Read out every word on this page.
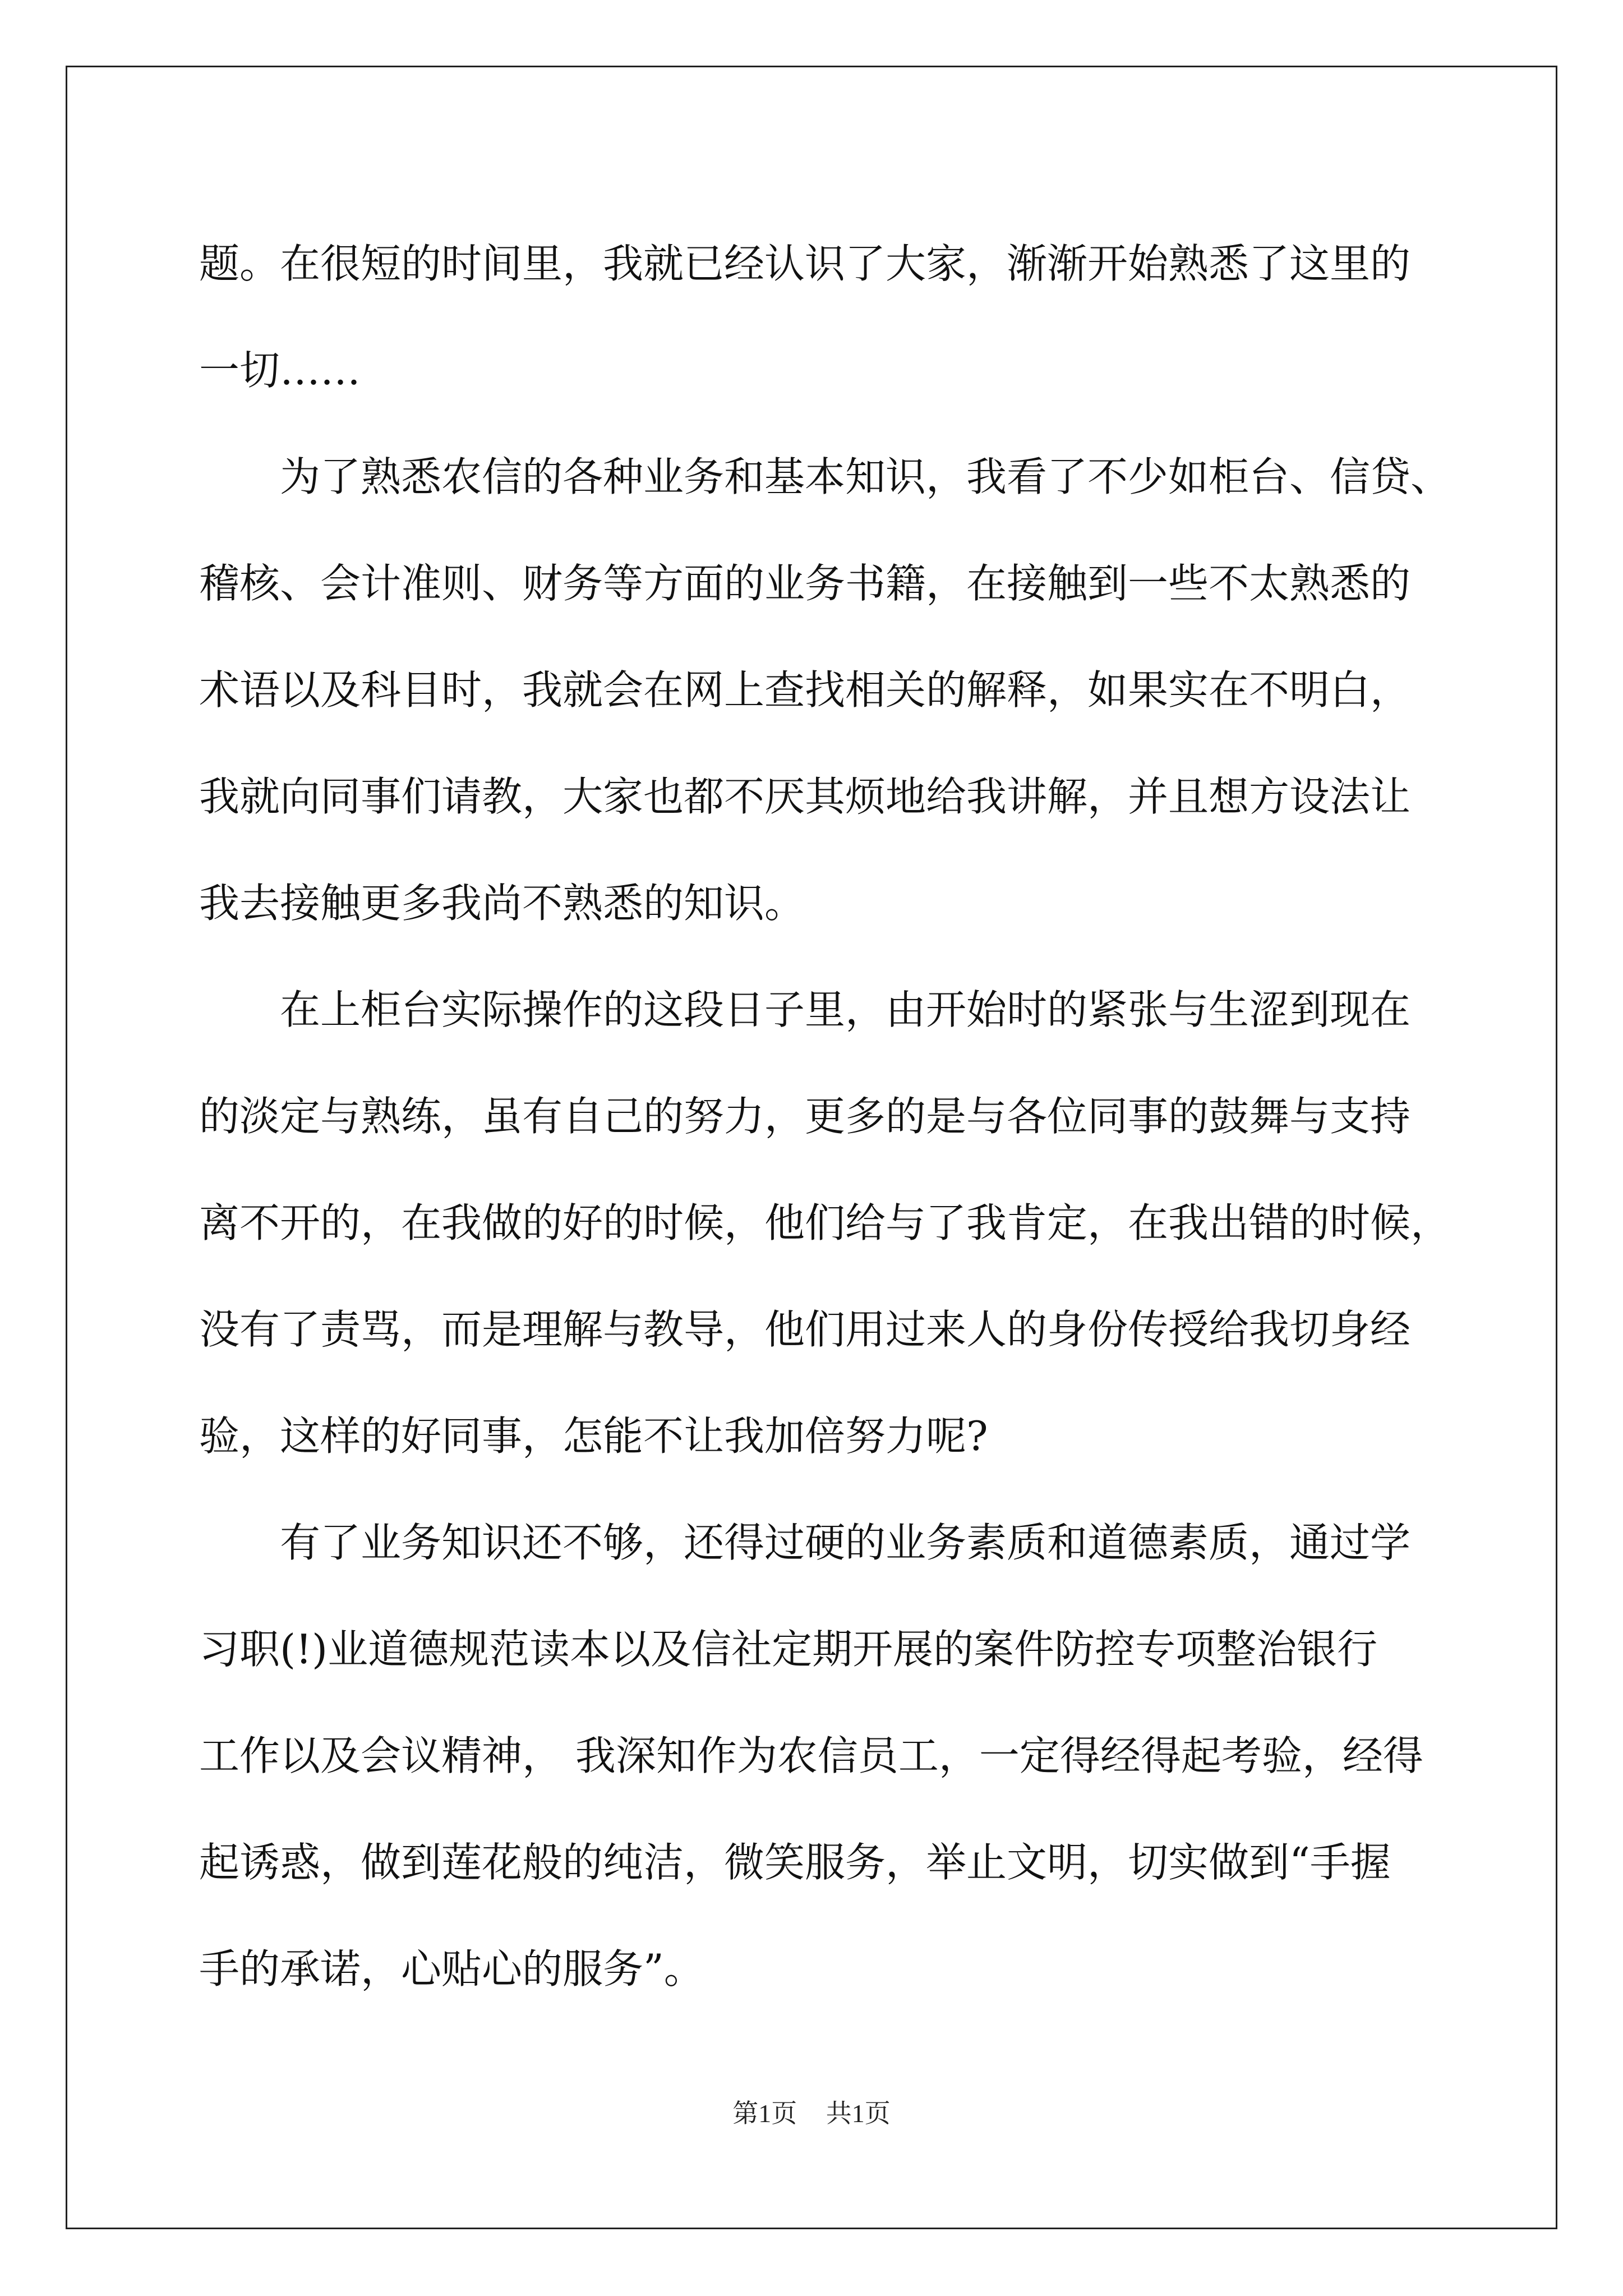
题。在很短的时间里，我就已经认识了大家，渐渐开始熟悉了这里的
一切……
为了熟悉农信的各种业务和基本知识，我看了不少如柜台、信贷、
稽核、会计准则、财务等方面的业务书籍，在接触到一些不太熟悉的
术语以及科目时，我就会在网上查找相关的解释，如果实在不明白，
我就向同事们请教，大家也都不厌其烦地给我讲解，并且想方设法让
我去接触更多我尚不熟悉的知识。
在上柜台实际操作的这段日子里，由开始时的紧张与生涩到现在
的淡定与熟练，虽有自己的努力，更多的是与各位同事的鼓舞与支持
离不开的，在我做的好的时候，他们给与了我肯定，在我出错的时候，
没有了责骂，而是理解与教导，他们用过来人的身份传授给我切身经
验，这样的好同事，怎能不让我加倍努力呢?
有了业务知识还不够，还得过硬的业务素质和道德素质，通过学
习职(!)业道德规范读本以及信社定期开展的案件防控专项整治银行
工作以及会议精神， 我深知作为农信员工，一定得经得起考验，经得
起诱惑，做到莲花般的纯洁，微笑服务，举止文明，切实做到“手握
手的承诺，心贴心的服务”。
第1页 共1页
